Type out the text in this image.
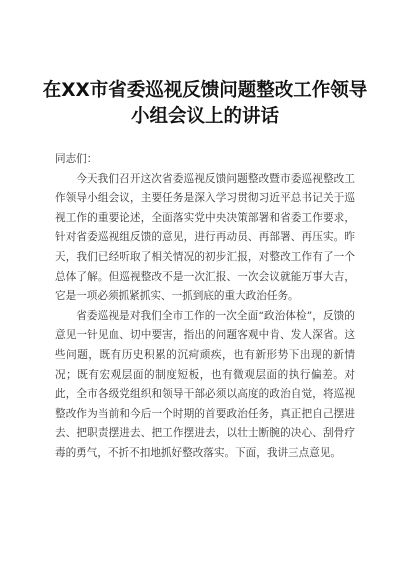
在XX市省委巡视反馈问题整改工作领导小组会议上的讲话

同志们：

今天我们召开这次省委巡视反馈问题整改暨市委巡视整改工作领导小组会议，主要任务是深入学习贯彻习近平总书记关于巡视工作的重要论述，全面落实党中央决策部署和省委工作要求，针对省委巡视组反馈的意见，进行再动员、再部署、再压实。昨天，我们已经听取了相关情况的初步汇报，对整改工作有了一个总体了解。但巡视整改不是一次汇报、一次会议就能万事大吉，它是一项必须抓紧抓实、一抓到底的重大政治任务。

省委巡视是对我们全市工作的一次全面“政治体检”，反馈的意见一针见血、切中要害，指出的问题客观中肯、发人深省。这些问题，既有历史积累的沉疴顽疾，也有新形势下出现的新情况；既有宏观层面的制度短板，也有微观层面的执行偏差。对此，全市各级党组织和领导干部必须以高度的政治自觉，将巡视整改作为当前和今后一个时期的首要政治任务，真正把自己摆进去、把职责摆进去、把工作摆进去，以壮士断腕的决心、刮骨疗毒的勇气，不折不扣地抓好整改落实。下面，我讲三点意见。
